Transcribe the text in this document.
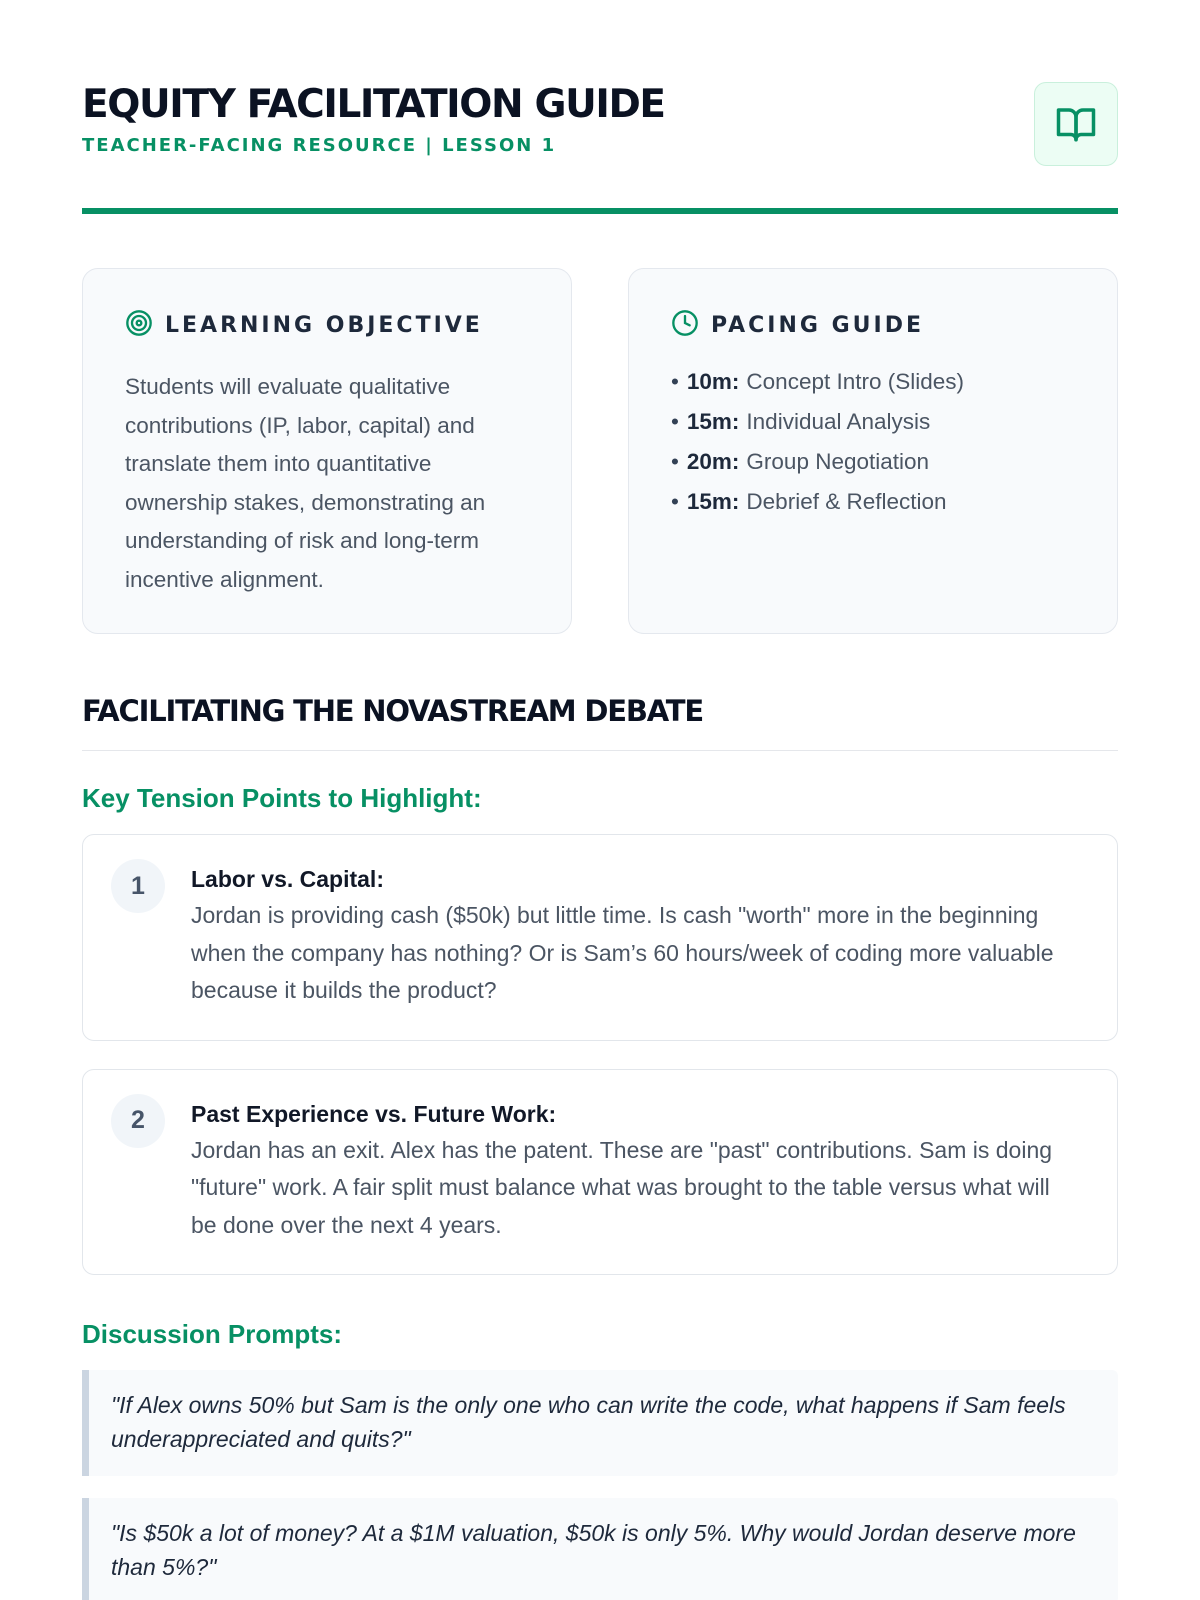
EQUITY FACILITATION GUIDE
TEACHER-FACING RESOURCE | LESSON 1
LEARNING OBJECTIVE

Students will evaluate qualitative contributions (IP, labor, capital) and translate them into quantitative ownership stakes, demonstrating an understanding of risk and long-term incentive alignment.

PACING GUIDE
• 10m: Concept Intro (Slides)
• 15m: Individual Analysis
• 20m: Group Negotiation
• 15m: Debrief & Reflection
FACILITATING THE NOVASTREAM DEBATE
Key Tension Points to Highlight:
1	Labor vs. Capital:
Jordan is providing cash ($50k) but little time. Is cash "worth" more in the beginning when the company has nothing? Or is Sam’s 60 hours/week of coding more valuable because it builds the product?
2	Past Experience vs. Future Work:
Jordan has an exit. Alex has the patent. These are "past" contributions. Sam is doing "future" work. A fair split must balance what was brought to the table versus what will be done over the next 4 years.
Discussion Prompts:
"If Alex owns 50% but Sam is the only one who can write the code, what happens if Sam feels underappreciated and quits?"
"Is $50k a lot of money? At a $1M valuation, $50k is only 5%. Why would Jordan deserve more than 5%?"
